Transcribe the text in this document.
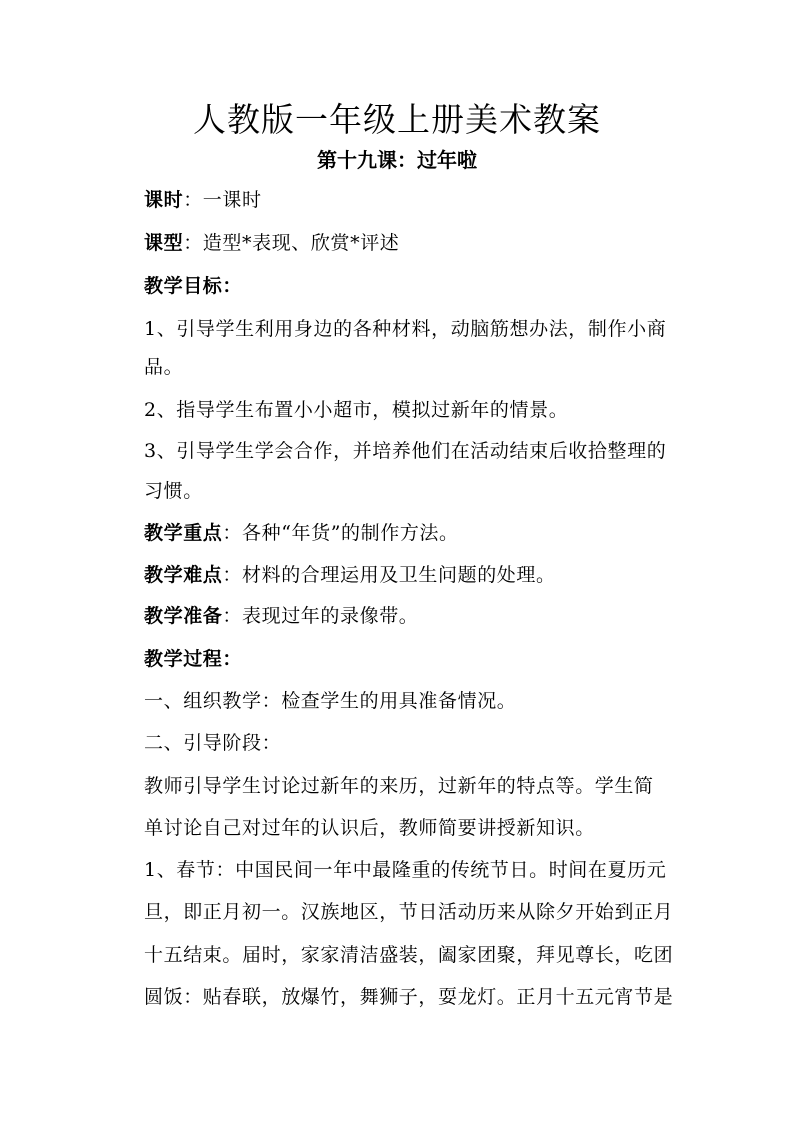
人教版一年级上册美术教案
第十九课：过年啦
课时：一课时
课型：造型*表现、欣赏*评述
教学目标：
1、引导学生利用身边的各种材料，动脑筋想办法，制作小商
品。
2、指导学生布置小小超市，模拟过新年的情景。
3、引导学生学会合作，并培养他们在活动结束后收拾整理的
习惯。
教学重点：各种“年货”的制作方法。
教学难点：材料的合理运用及卫生问题的处理。
教学准备：表现过年的录像带。
教学过程：
一、组织教学：检查学生的用具准备情况。
二、引导阶段：
教师引导学生讨论过新年的来历，过新年的特点等。学生简
单讨论自己对过年的认识后，教师简要讲授新知识。
1、春节：中国民间一年中最隆重的传统节日。时间在夏历元
旦，即正月初一。汉族地区，节日活动历来从除夕开始到正月
十五结束。届时，家家清洁盛装，阖家团聚，拜见尊长，吃团
圆饭：贴春联，放爆竹，舞狮子，耍龙灯。正月十五元宵节是
